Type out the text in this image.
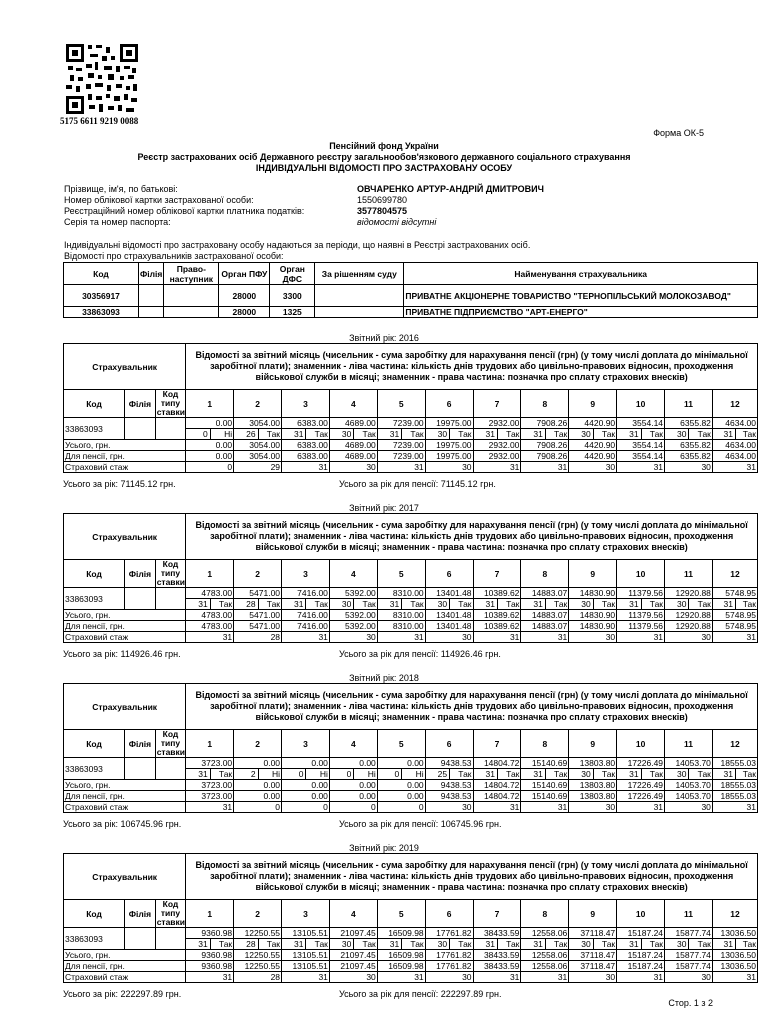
5175 6611 9219 0088
Форма ОК-5
Пенсійний фонд України
Реєстр застрахованих осіб Державного реєстру загальнообов'язкового державного соціального страхування
ІНДИВІДУАЛЬНІ ВІДОМОСТІ ПРО ЗАСТРАХОВАНУ ОСОБУ
Прізвище, ім'я, по батькові:	ОВЧАРЕНКО АРТУР-АНДРІЙ ДМИТРОВИЧ
Номер облікової картки застрахованої особи:	1550699780
Реєстраційний номер облікової картки платника податків:	3577804575
Серія та номер паспорта:	відомості відсутні
Індивідуальні відомості про застраховану особу надаються за періоди, що наявні в Реєстрі застрахованих осіб.
Відомості про страхувальників застрахованої особи:
Код	Філія	Право-наступник	Орган ПФУ	Орган ДФС	За рішенням суду	Найменування страхувальника
30356917			28000	3300		ПРИВАТНЕ АКЦІОНЕРНЕ ТОВАРИСТВО "ТЕРНОПІЛЬСЬКИЙ МОЛОКОЗАВОД"
33863093			28000	1325		ПРИВАТНЕ ПІДПРИЄМСТВО "АРТ-ЕНЕРГО"
Звітний рік: 2016
Страхувальник			Відомості за звітний місяць (чисельник - сума заробітку для нарахування пенсії (грн) (у тому числі доплата до мінімальної заробітної плати); знаменник - ліва частина: кількість днів трудових або цивільно-правових відносин, проходження військової служби в місяці; знаменник - права частина: позначка про сплату страхових внесків)											
Код	Філія	Код типу ставки	1	2	3	4	5	6	7	8	9	10	11	12
33863093			0.00	3054.00	6383.00	4689.00	7239.00	19975.00	2932.00	7908.26	4420.90	3554.14	6355.82	4634.00

			0 Ні	26 Так	31 Так	30 Так	31 Так	30 Так	31 Так	31 Так	30 Так	31 Так	30 Так	31 Так

Усього, грн.			0.00	3054.00	6383.00	4689.00	7239.00	19975.00	2932.00	7908.26	4420.90	3554.14	6355.82	4634.00
Для пенсії, грн.			0.00	3054.00	6383.00	4689.00	7239.00	19975.00	2932.00	7908.26	4420.90	3554.14	6355.82	4634.00
Страховий стаж			0	29	31	30	31	30	31	31	30	31	30	31
Усього за рік: 71145.12 грн.	Усього за рік для пенсії: 71145.12 грн.
Звітний рік: 2017
Страхувальник			Відомості за звітний місяць (чисельник - сума заробітку для нарахування пенсії (грн) (у тому числі доплата до мінімальної заробітної плати); знаменник - ліва частина: кількість днів трудових або цивільно-правових відносин, проходження військової служби в місяці; знаменник - права частина: позначка про сплату страхових внесків)											
Код	Філія	Код типу ставки	1	2	3	4	5	6	7	8	9	10	11	12
33863093			4783.00	5471.00	7416.00	5392.00	8310.00	13401.48	10389.62	14883.07	14830.90	11379.56	12920.88	5748.95

			31 Так	28 Так	31 Так	30 Так	31 Так	30 Так	31 Так	31 Так	30 Так	31 Так	30 Так	31 Так

Усього, грн.			4783.00	5471.00	7416.00	5392.00	8310.00	13401.48	10389.62	14883.07	14830.90	11379.56	12920.88	5748.95
Для пенсії, грн.			4783.00	5471.00	7416.00	5392.00	8310.00	13401.48	10389.62	14883.07	14830.90	11379.56	12920.88	5748.95
Страховий стаж			31	28	31	30	31	30	31	31	30	31	30	31
Усього за рік: 114926.46 грн.	Усього за рік для пенсії: 114926.46 грн.
Звітний рік: 2018
Страхувальник			Відомості за звітний місяць (чисельник - сума заробітку для нарахування пенсії (грн) (у тому числі доплата до мінімальної заробітної плати); знаменник - ліва частина: кількість днів трудових або цивільно-правових відносин, проходження військової служби в місяці; знаменник - права частина: позначка про сплату страхових внесків)											
Код	Філія	Код типу ставки	1	2	3	4	5	6	7	8	9	10	11	12
33863093			3723.00	0.00	0.00	0.00	0.00	9438.53	14804.72	15140.69	13803.80	17226.49	14053.70	18555.03

			31 Так	2 Ні	0 Ні	0 Ні	0 Ні	25 Так	31 Так	31 Так	30 Так	31 Так	30 Так	31 Так

Усього, грн.			3723.00	0.00	0.00	0.00	0.00	9438.53	14804.72	15140.69	13803.80	17226.49	14053.70	18555.03
Для пенсії, грн.			3723.00	0.00	0.00	0.00	0.00	9438.53	14804.72	15140.69	13803.80	17226.49	14053.70	18555.03
Страховий стаж			31	0	0	0	0	30	31	31	30	31	30	31
Усього за рік: 106745.96 грн.	Усього за рік для пенсії: 106745.96 грн.
Звітний рік: 2019
Страхувальник			Відомості за звітний місяць (чисельник - сума заробітку для нарахування пенсії (грн) (у тому числі доплата до мінімальної заробітної плати); знаменник - ліва частина: кількість днів трудових або цивільно-правових відносин, проходження військової служби в місяці; знаменник - права частина: позначка про сплату страхових внесків)											
Код	Філія	Код типу ставки	1	2	3	4	5	6	7	8	9	10	11	12
33863093			9360.98	12250.55	13105.51	21097.45	16509.98	17761.82	38433.59	12558.06	37118.47	15187.24	15877.74	13036.50

			31 Так	28 Так	31 Так	30 Так	31 Так	30 Так	31 Так	31 Так	30 Так	31 Так	30 Так	31 Так

Усього, грн.			9360.98	12250.55	13105.51	21097.45	16509.98	17761.82	38433.59	12558.06	37118.47	15187.24	15877.74	13036.50
Для пенсії, грн.			9360.98	12250.55	13105.51	21097.45	16509.98	17761.82	38433.59	12558.06	37118.47	15187.24	15877.74	13036.50
Страховий стаж			31	28	31	30	31	30	31	31	30	31	30	31
Усього за рік: 222297.89 грн.	Усього за рік для пенсії: 222297.89 грн.
Стор. 1 з 2
